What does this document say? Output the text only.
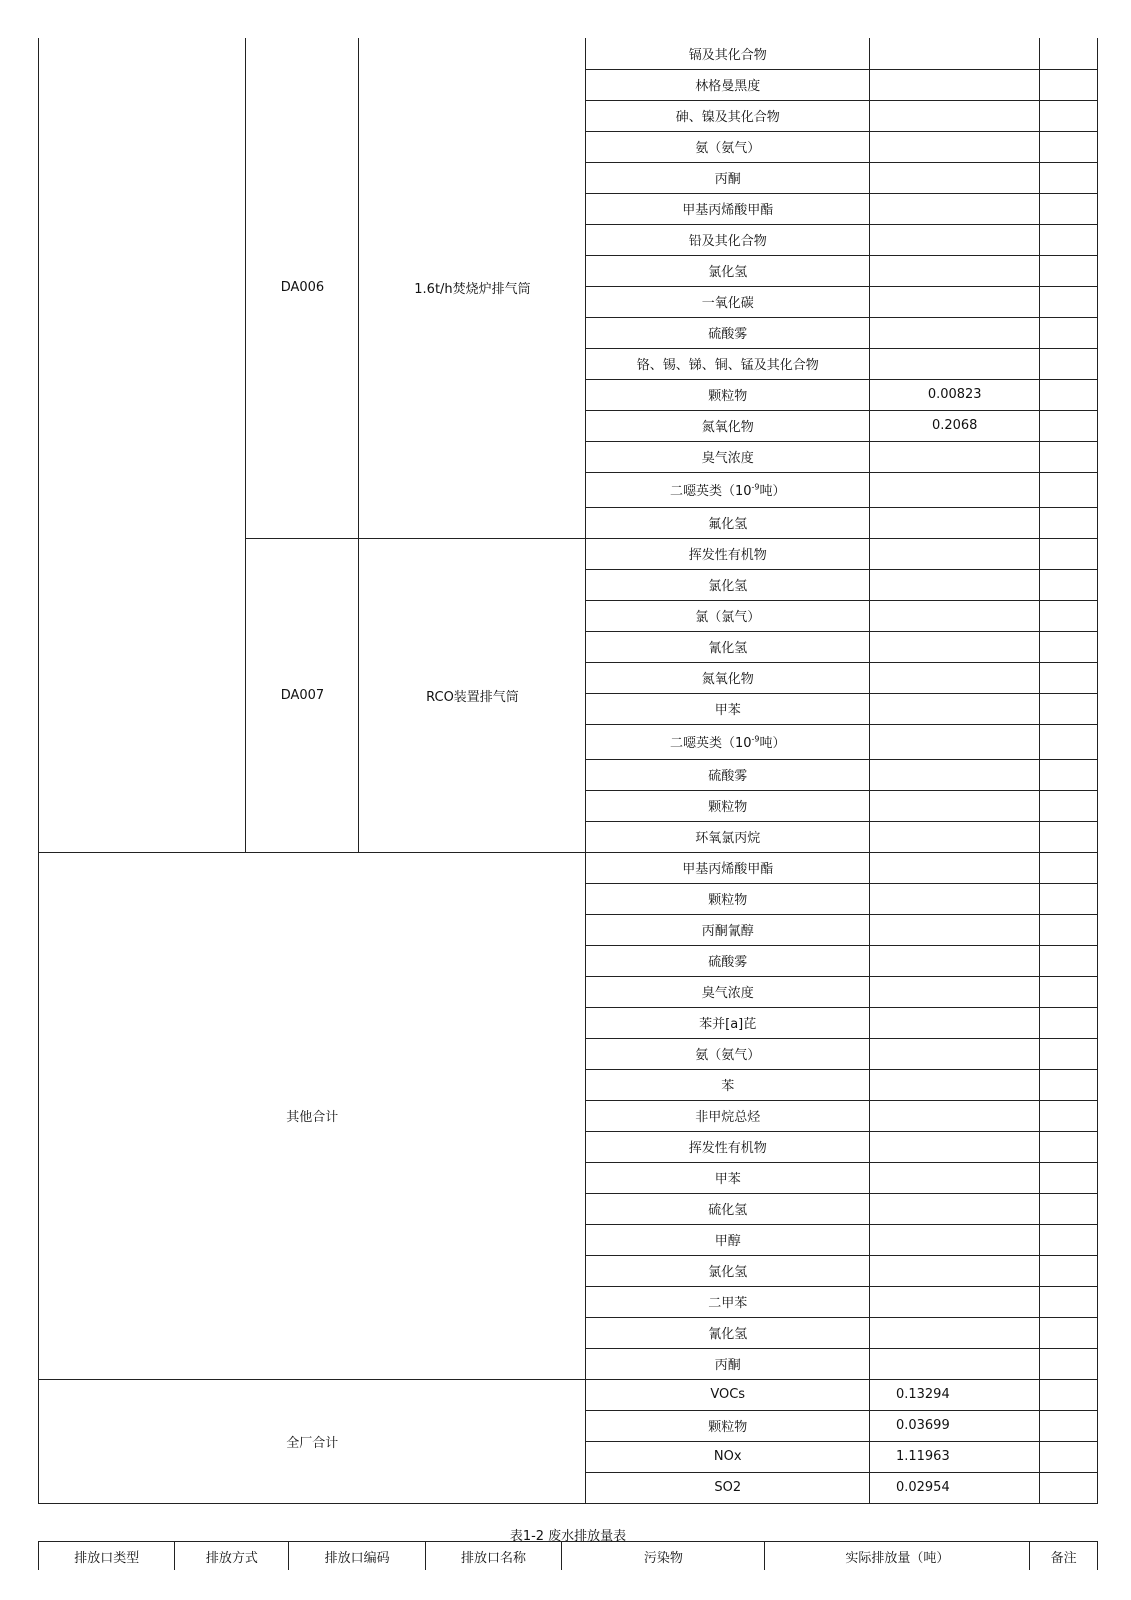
	DA006	1.6t/h焚烧炉排气筒	镉及其化合物		
			林格曼黑度		
			砷、镍及其化合物		
			氨（氨气）		
			丙酮		
			甲基丙烯酸甲酯		
			铅及其化合物		
			氯化氢		
			一氧化碳		
			硫酸雾		
			铬、锡、锑、铜、锰及其化合物		
			颗粒物	0.00823	
			氮氧化物	0.2068	
			臭气浓度		
			二噁英类（$10^{-9}$吨）		
			氟化氢		
	DA007	RCO装置排气筒	挥发性有机物		
			氯化氢		
			氯（氯气）		
			氰化氢		
			氮氧化物		
			甲苯		
			二噁英类（$10^{-9}$吨）		
			硫酸雾		
			颗粒物		
			环氧氯丙烷		
其他合计			甲基丙烯酸甲酯		
			颗粒物		
			丙酮氰醇		
			硫酸雾		
			臭气浓度		
			苯并[a]芘		
			氨（氨气）		
			苯		
			非甲烷总烃		
			挥发性有机物		
			甲苯		
			硫化氢		
			甲醇		
			氯化氢		
			二甲苯		
			氰化氢		
			丙酮		
全厂合计			VOCs	0.13294	
			颗粒物	0.03699	
			NOx	1.11963	
			SO2	0.02954	
表1-2 废水排放量表
排放口类型	排放方式	排放口编码	排放口名称	污染物	实际排放量（吨）	备注
